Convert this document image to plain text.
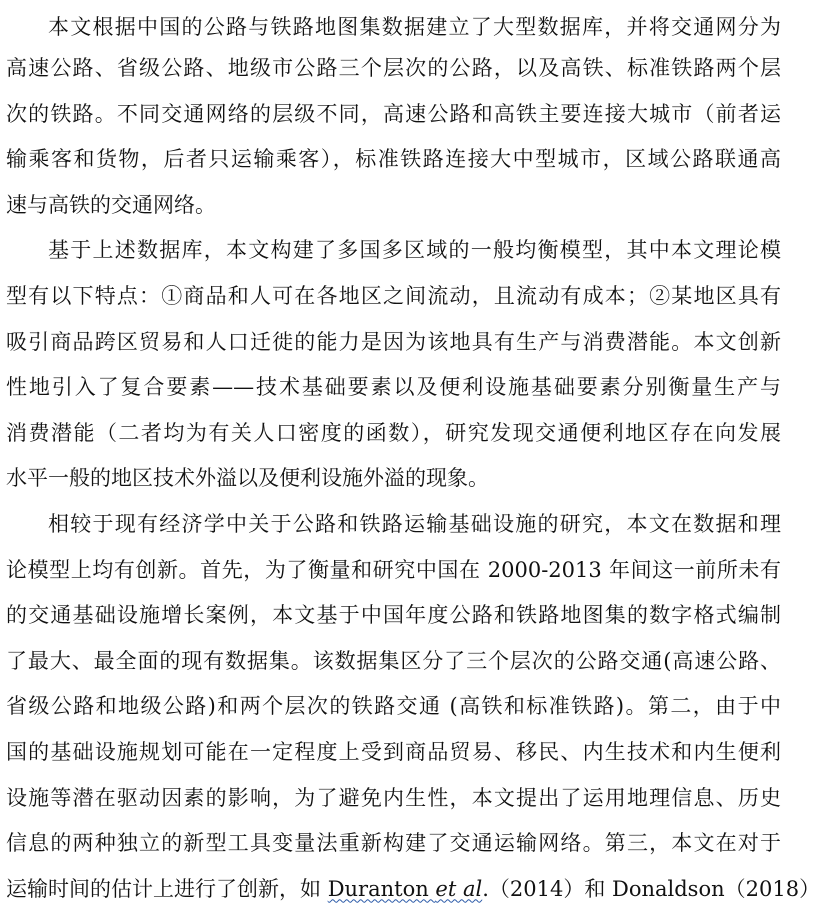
本文根据中国的公路与铁路地图集数据建立了大型数据库，并将交通网分为
高速公路、省级公路、地级市公路三个层次的公路，以及高铁、标准铁路两个层
次的铁路。不同交通网络的层级不同，高速公路和高铁主要连接大城市（前者运
输乘客和货物，后者只运输乘客），标准铁路连接大中型城市，区域公路联通高
速与高铁的交通网络。
基于上述数据库，本文构建了多国多区域的一般均衡模型，其中本文理论模
型有以下特点：①商品和人可在各地区之间流动，且流动有成本；②某地区具有
吸引商品跨区贸易和人口迁徙的能力是因为该地具有生产与消费潜能。本文创新
性地引入了复合要素——技术基础要素以及便利设施基础要素分别衡量生产与
消费潜能（二者均为有关人口密度的函数），研究发现交通便利地区存在向发展
水平一般的地区技术外溢以及便利设施外溢的现象。
相较于现有经济学中关于公路和铁路运输基础设施的研究，本文在数据和理
论模型上均有创新。首先，为了衡量和研究中国在 2000-2013 年间这一前所未有
的交通基础设施增长案例，本文基于中国年度公路和铁路地图集的数字格式编制
了最大、最全面的现有数据集。该数据集区分了三个层次的公路交通(高速公路、
省级公路和地级公路)和两个层次的铁路交通 (高铁和标准铁路)。第二，由于中
国的基础设施规划可能在一定程度上受到商品贸易、移民、内生技术和内生便利
设施等潜在驱动因素的影响，为了避免内生性，本文提出了运用地理信息、历史
信息的两种独立的新型工具变量法重新构建了交通运输网络。第三，本文在对于
运输时间的估计上进行了创新，如 Duranton et al.（2014）和 Donaldson（2018）
